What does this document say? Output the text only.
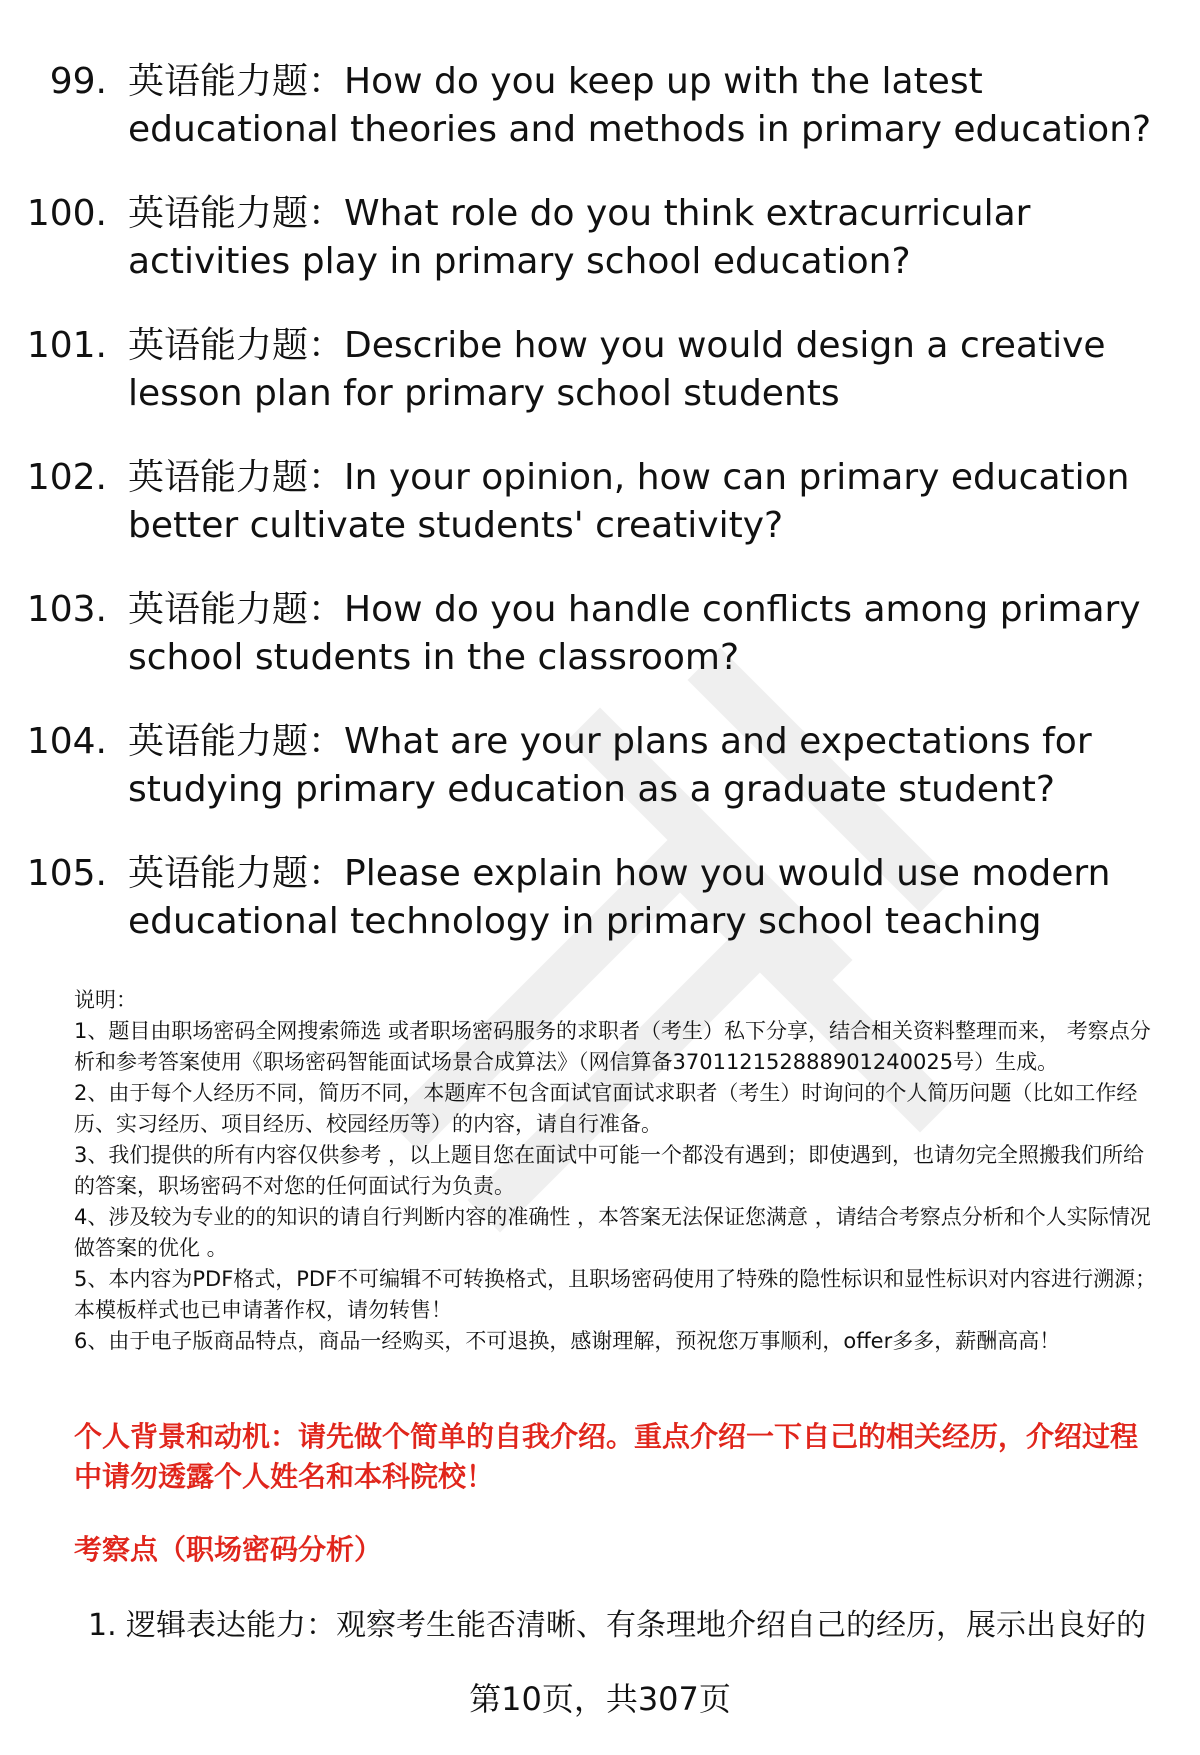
99. 英语能力题：How do you keep up with the latest educational theories and methods in primary education?
100. 英语能力题：What role do you think extracurricular activities play in primary school education?
101. 英语能力题：Describe how you would design a creative lesson plan for primary school students
102. 英语能力题：In your opinion, how can primary education better cultivate students' creativity?
103. 英语能力题：How do you handle conflicts among primary school students in the classroom?
104. 英语能力题：What are your plans and expectations for studying primary education as a graduate student?
105. 英语能力题：Please explain how you would use modern educational technology in primary school teaching
说明：
1、题目由职场密码全网搜索筛选 或者职场密码服务的求职者（考生）私下分享，结合相关资料整理而来， 考察点分析和参考答案使用《职场密码智能面试场景合成算法》（网信算备370112152888901240025号）生成。
2、由于每个人经历不同，简历不同，本题库不包含面试官面试求职者（考生）时询问的个人简历问题（比如工作经历、实习经历、项目经历、校园经历等）的内容，请自行准备。
3、我们提供的所有内容仅供参考 ，以上题目您在面试中可能一个都没有遇到；即使遇到，也请勿完全照搬我们所给的答案，职场密码不对您的任何面试行为负责。
4、涉及较为专业的的知识的请自行判断内容的准确性 ，本答案无法保证您满意 ，请结合考察点分析和个人实际情况做答案的优化 。
5、本内容为PDF格式，PDF不可编辑不可转换格式，且职场密码使用了特殊的隐性标识和显性标识对内容进行溯源；本模板样式也已申请著作权，请勿转售！
6、由于电子版商品特点，商品一经购买，不可退换，感谢理解，预祝您万事顺利，offer多多，薪酬高高！
个人背景和动机：请先做个简单的自我介绍。重点介绍一下自己的相关经历，介绍过程中请勿透露个人姓名和本科院校！
考察点（职场密码分析）
1. 逻辑表达能力：观察考生能否清晰、有条理地介绍自己的经历，展示出良好的
第10页，共307页
